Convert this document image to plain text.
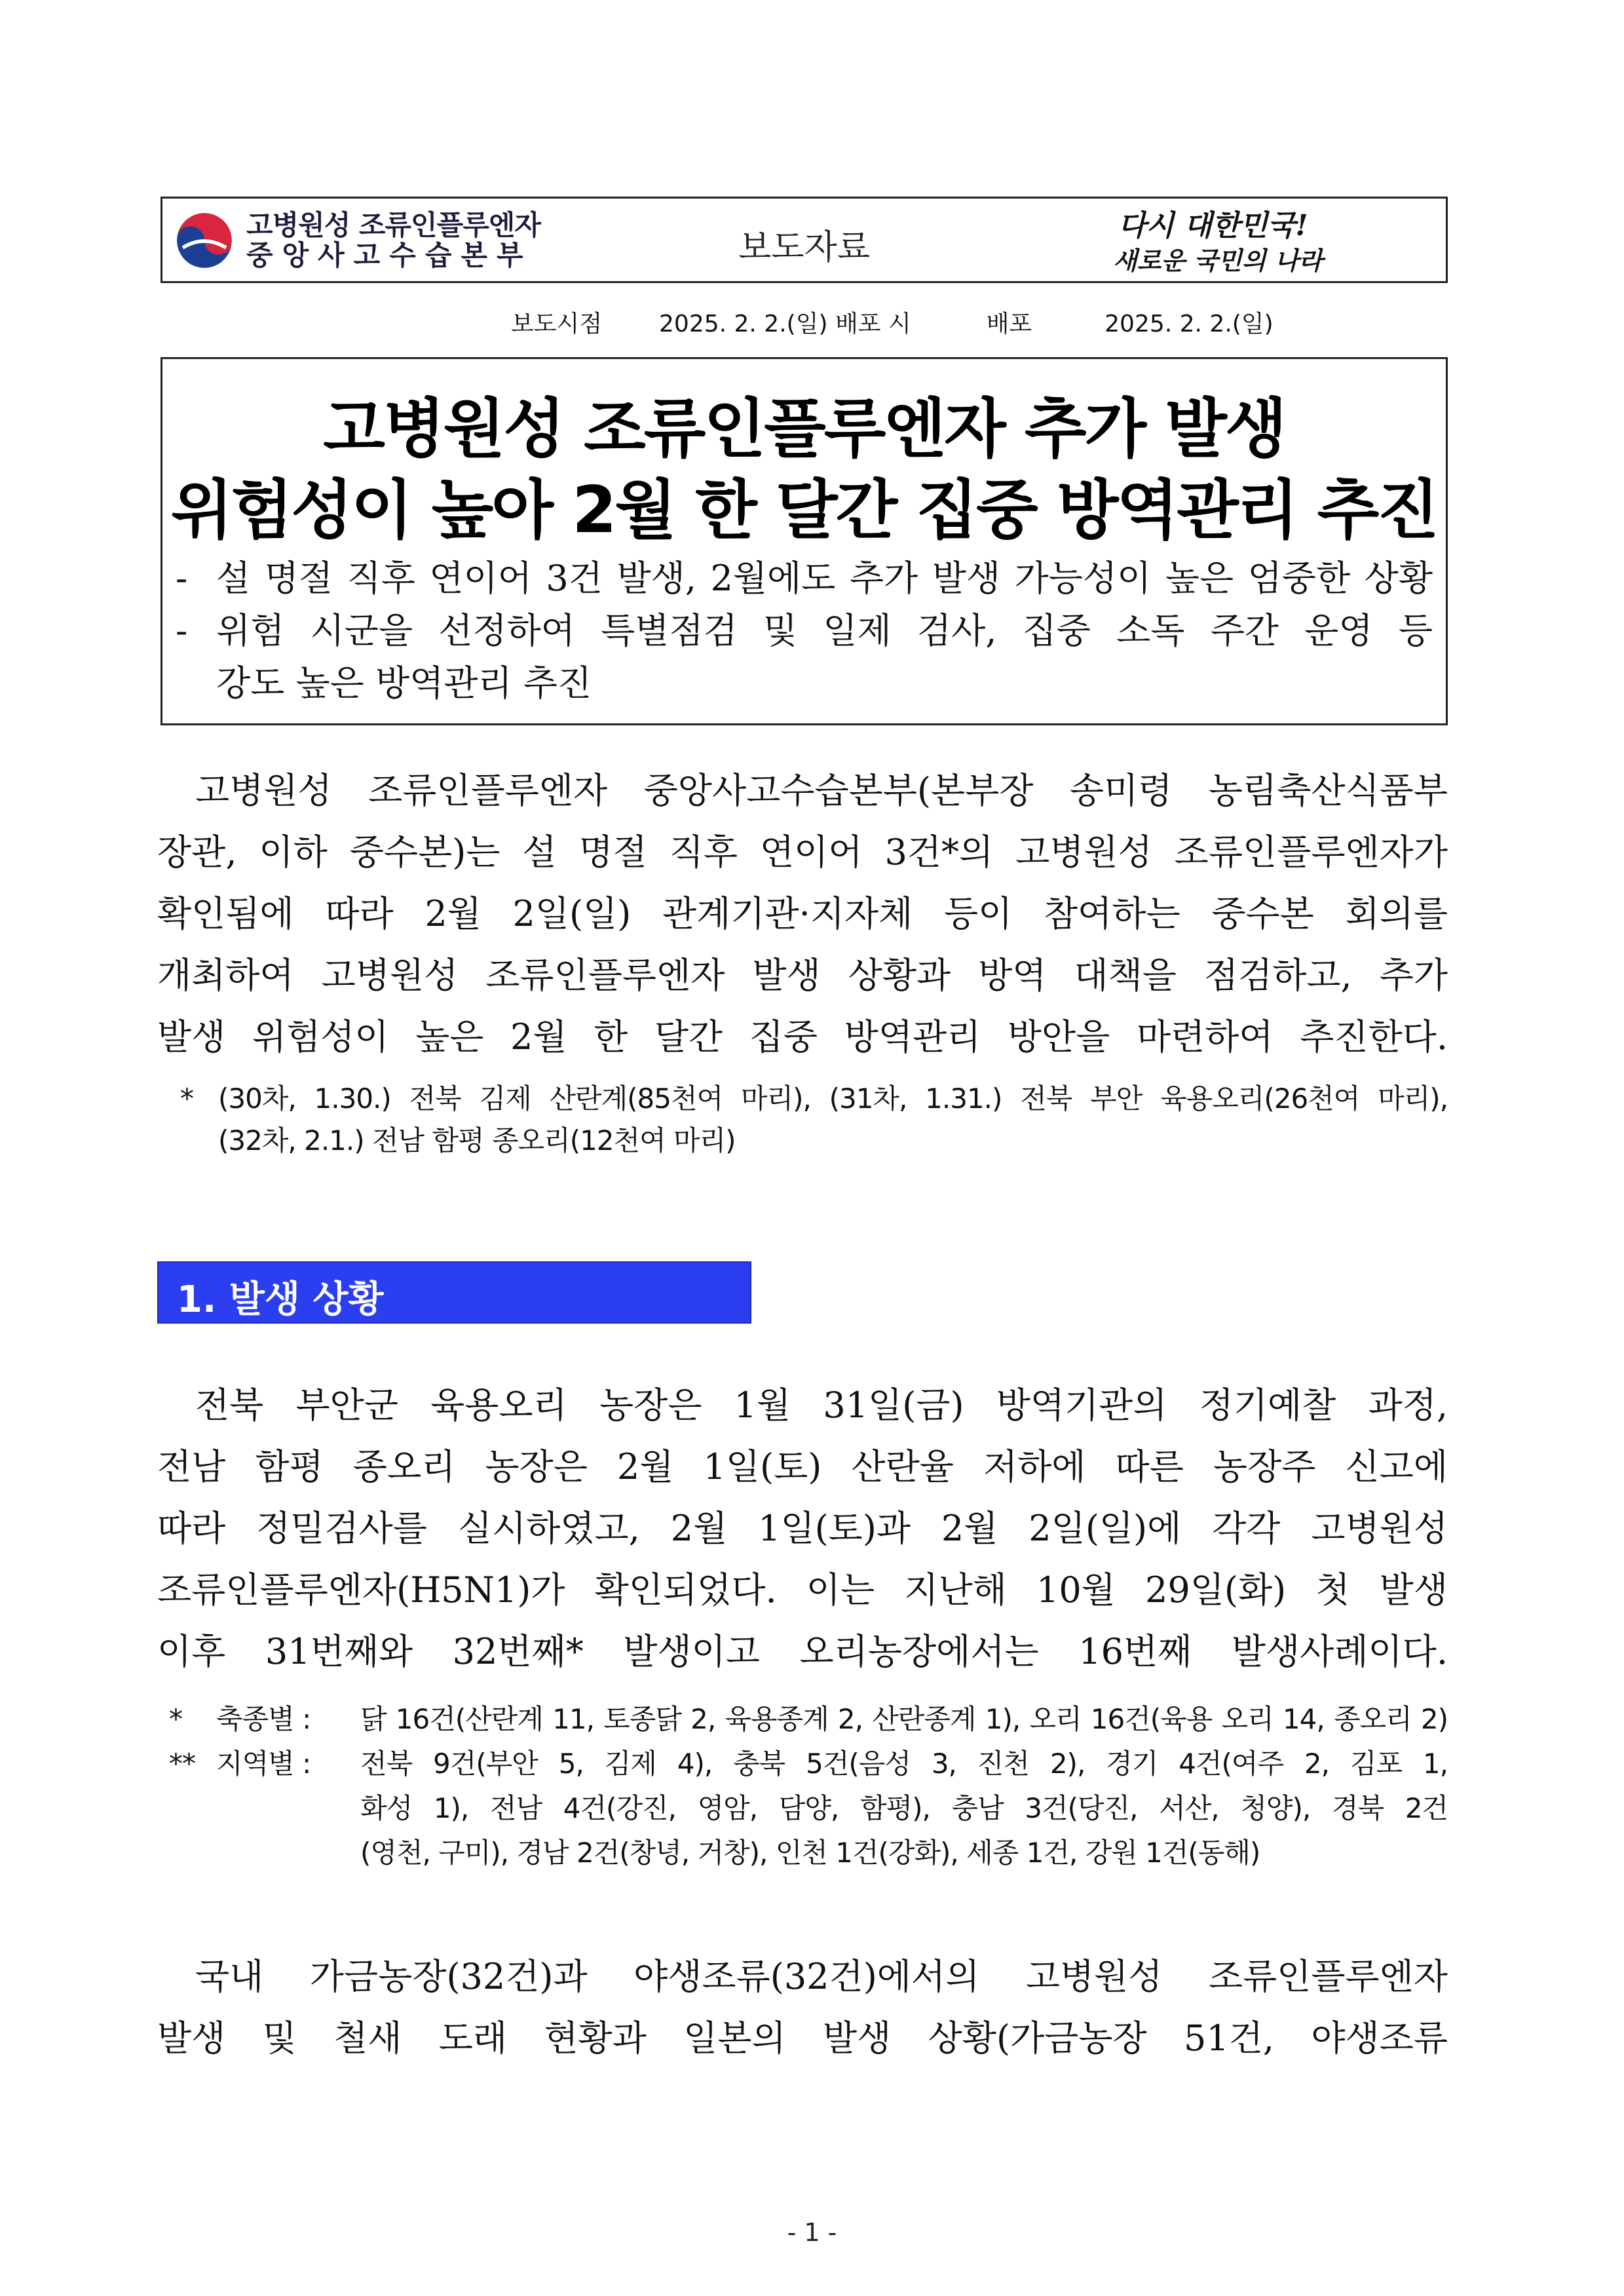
고병원성 조류인플루엔자
중앙사고수습본부	보도자료
다시 대한민국!
새로운 국민의 나라
보도시점 2025. 2. 2.(일) 배포 시	배포	2025. 2. 2.(일)
고병원성 조류인플루엔자 추가 발생
위험성이 높아 2월 한 달간 집중 방역관리 추진
- 설 명절 직후 연이어 3건 발생, 2월에도 추가 발생 가능성이 높은 엄중한 상황
- 위험 시군을 선정하여 특별점검 및 일제 검사, 집중 소독 주간 운영 등
강도 높은 방역관리 추진
고병원성 조류인플루엔자 중앙사고수습본부(본부장 송미령 농림축산식품부
장관, 이하 중수본)는 설 명절 직후 연이어 3건*의 고병원성 조류인플루엔자가
확인됨에 따라 2월 2일(일) 관계기관·지자체 등이 참여하는 중수본 회의를
개최하여 고병원성 조류인플루엔자 발생 상황과 방역 대책을 점검하고, 추가
발생 위험성이 높은 2월 한 달간 집중 방역관리 방안을 마련하여 추진한다.
* (30차, 1.30.) 전북 김제 산란계(85천여 마리), (31차, 1.31.) 전북 부안 육용오리(26천여 마리),
(32차, 2.1.) 전남 함평 종오리(12천여 마리)
1. 발생 상황
전북 부안군 육용오리 농장은 1월 31일(금) 방역기관의 정기예찰 과정,
전남 함평 종오리 농장은 2월 1일(토) 산란율 저하에 따른 농장주 신고에
따라 정밀검사를 실시하였고, 2월 1일(토)과 2월 2일(일)에 각각 고병원성
조류인플루엔자(H5N1)가 확인되었다. 이는 지난해 10월 29일(화) 첫 발생
이후 31번째와 32번째* 발생이고 오리농장에서는 16번째 발생사례이다.
*	축종별 :	닭 16건(산란계 11, 토종닭 2, 육용종계 2, 산란종계 1), 오리 16건(육용 오리 14, 종오리 2)
** 지역별 :	전북 9건(부안 5, 김제 4), 충북 5건(음성 3, 진천 2), 경기 4건(여주 2, 김포 1,
화성 1), 전남 4건(강진, 영암, 담양, 함평), 충남 3건(당진, 서산, 청양), 경북 2건
(영천, 구미), 경남 2건(창녕, 거창), 인천 1건(강화), 세종 1건, 강원 1건(동해)
국내 가금농장(32건)과 야생조류(32건)에서의 고병원성 조류인플루엔자
발생 및 철새 도래 현황과 일본의 발생 상황(가금농장 51건, 야생조류
- 1 -
